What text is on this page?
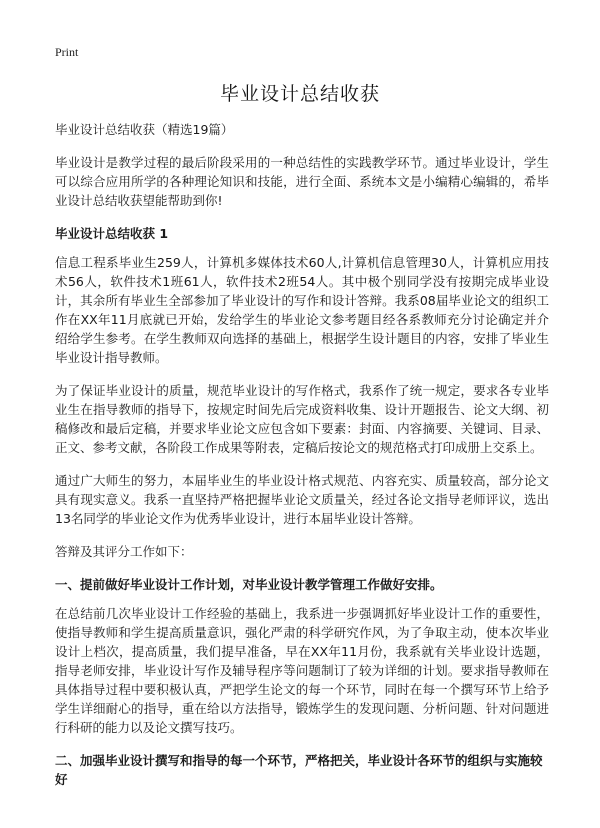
Print
毕业设计总结收获

毕业设计总结收获（精选19篇）

毕业设计是教学过程的最后阶段采用的一种总结性的实践教学环节。通过毕业设计，学生可以综合应用所学的各种理论知识和技能，进行全面、系统本文是小编精心编辑的，希毕业设计总结收获望能帮助到你!

毕业设计总结收获 1

信息工程系毕业生259人，计算机多媒体技术60人,计算机信息管理30人，计算机应用技术56人，软件技术1班61人，软件技术2班54人。其中极个别同学没有按期完成毕业设计，其余所有毕业生全部参加了毕业设计的写作和设计答辩。我系08届毕业论文的组织工作在XX年11月底就已开始，发给学生的毕业论文参考题目经各系教师充分讨论确定并介绍给学生参考。在学生教师双向选择的基础上，根据学生设计题目的内容，安排了毕业生毕业设计指导教师。

为了保证毕业设计的质量，规范毕业设计的写作格式，我系作了统一规定，要求各专业毕业生在指导教师的指导下，按规定时间先后完成资料收集、设计开题报告、论文大纲、初稿修改和最后定稿，并要求毕业论文应包含如下要素：封面、内容摘要、关键词、目录、正文、参考文献，各阶段工作成果等附表，定稿后按论文的规范格式打印成册上交系上。

通过广大师生的努力，本届毕业生的毕业设计格式规范、内容充实、质量较高，部分论文具有现实意义。我系一直坚持严格把握毕业论文质量关，经过各论文指导老师评议，选出13名同学的毕业论文作为优秀毕业设计，进行本届毕业设计答辩。

答辩及其评分工作如下：

一、提前做好毕业设计工作计划，对毕业设计教学管理工作做好安排。

在总结前几次毕业设计工作经验的基础上，我系进一步强调抓好毕业设计工作的重要性，使指导教师和学生提高质量意识，强化严肃的科学研究作风，为了争取主动，使本次毕业设计上档次，提高质量，我们提早准备，早在XX年11月份，我系就有关毕业设计选题，指导老师安排，毕业设计写作及辅导程序等问题制订了较为详细的计划。要求指导教师在具体指导过程中要积极认真，严把学生论文的每一个环节，同时在每一个撰写环节上给予学生详细耐心的指导，重在给以方法指导，锻炼学生的发现问题、分析问题、针对问题进行科研的能力以及论文撰写技巧。

二、加强毕业设计撰写和指导的每一个环节，严格把关，毕业设计各环节的组织与实施较好
